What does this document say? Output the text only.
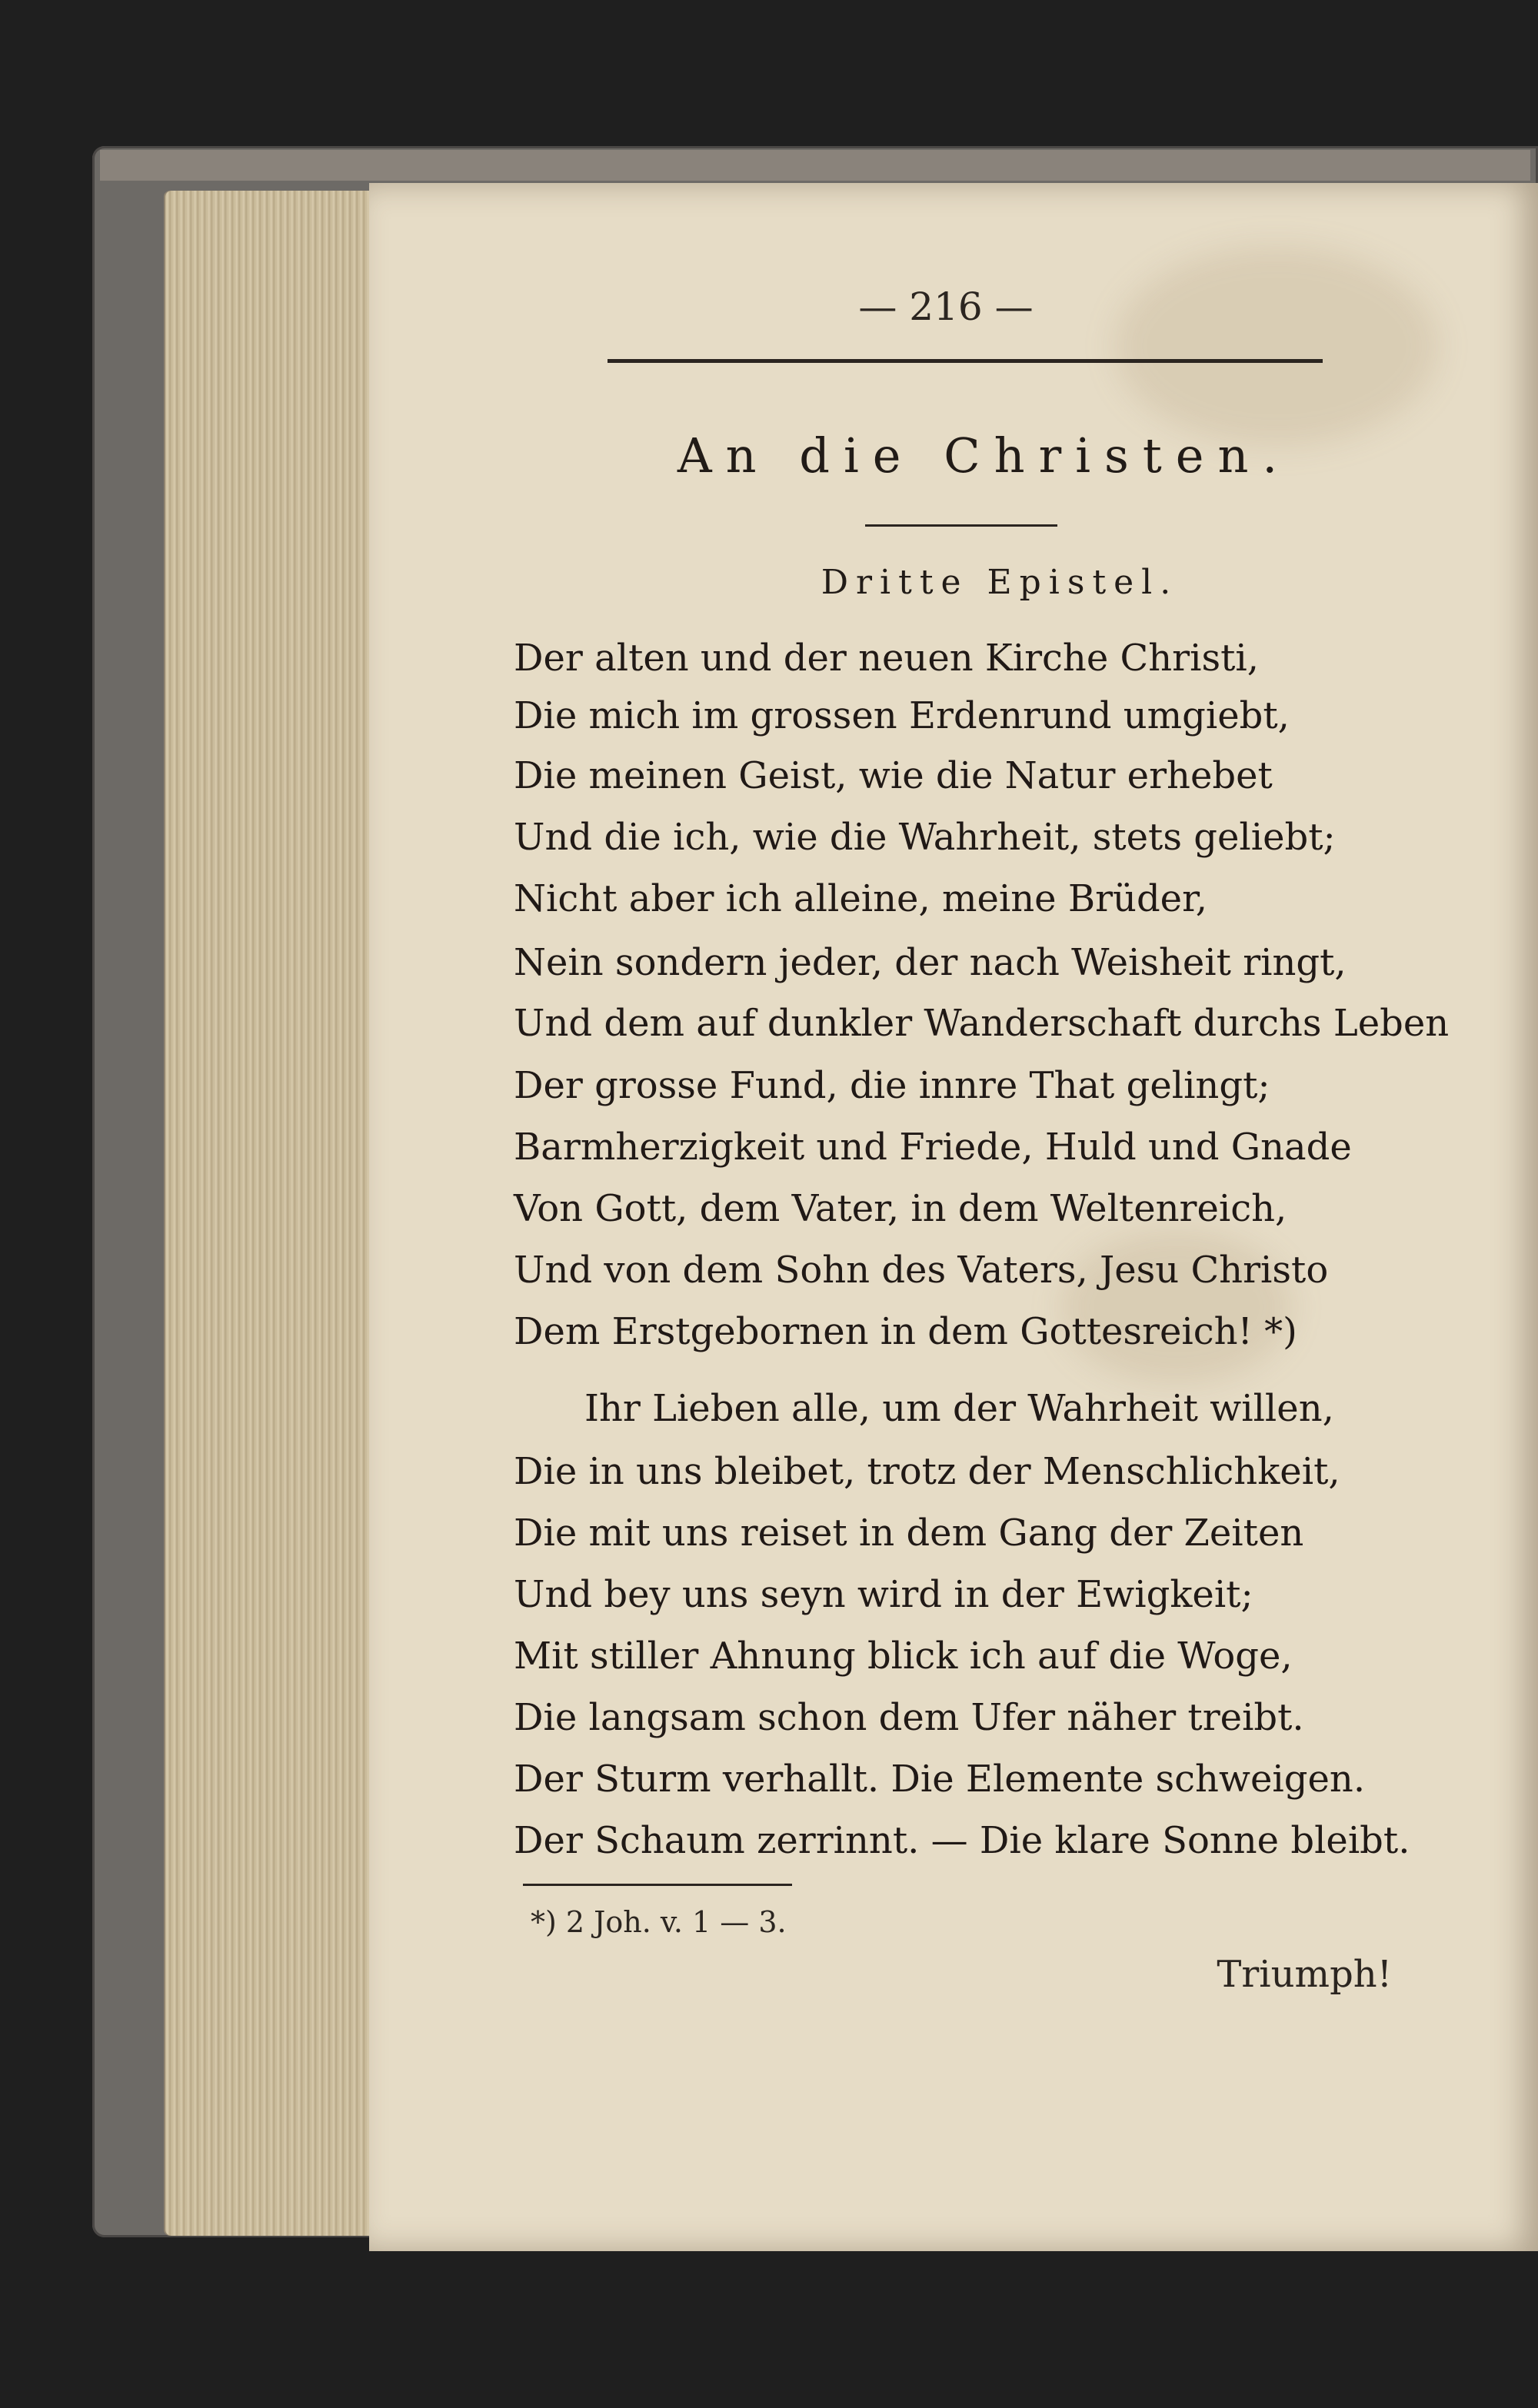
— 216 —
An die Christen.
Dritte Epistel.
Der alten und der neuen Kirche Christi,
Die mich im grossen Erdenrund umgiebt,
Die meinen Geist, wie die Natur erhebet
Und die ich, wie die Wahrheit, stets geliebt;
Nicht aber ich alleine, meine Brüder,
Nein sondern jeder, der nach Weisheit ringt,
Und dem auf dunkler Wanderschaft durchs Leben
Der grosse Fund, die innre That gelingt;
Barmherzigkeit und Friede, Huld und Gnade
Von Gott, dem Vater, in dem Weltenreich,
Und von dem Sohn des Vaters, Jesu Christo
Dem Erstgebornen in dem Gottesreich! *)
Ihr Lieben alle, um der Wahrheit willen,
Die in uns bleibet, trotz der Menschlichkeit,
Die mit uns reiset in dem Gang der Zeiten
Und bey uns seyn wird in der Ewigkeit;
Mit stiller Ahnung blick ich auf die Woge,
Die langsam schon dem Ufer näher treibt.
Der Sturm verhallt. Die Elemente schweigen.
Der Schaum zerrinnt. — Die klare Sonne bleibt.
*) 2 Joh. v. 1 — 3.
Triumph!
